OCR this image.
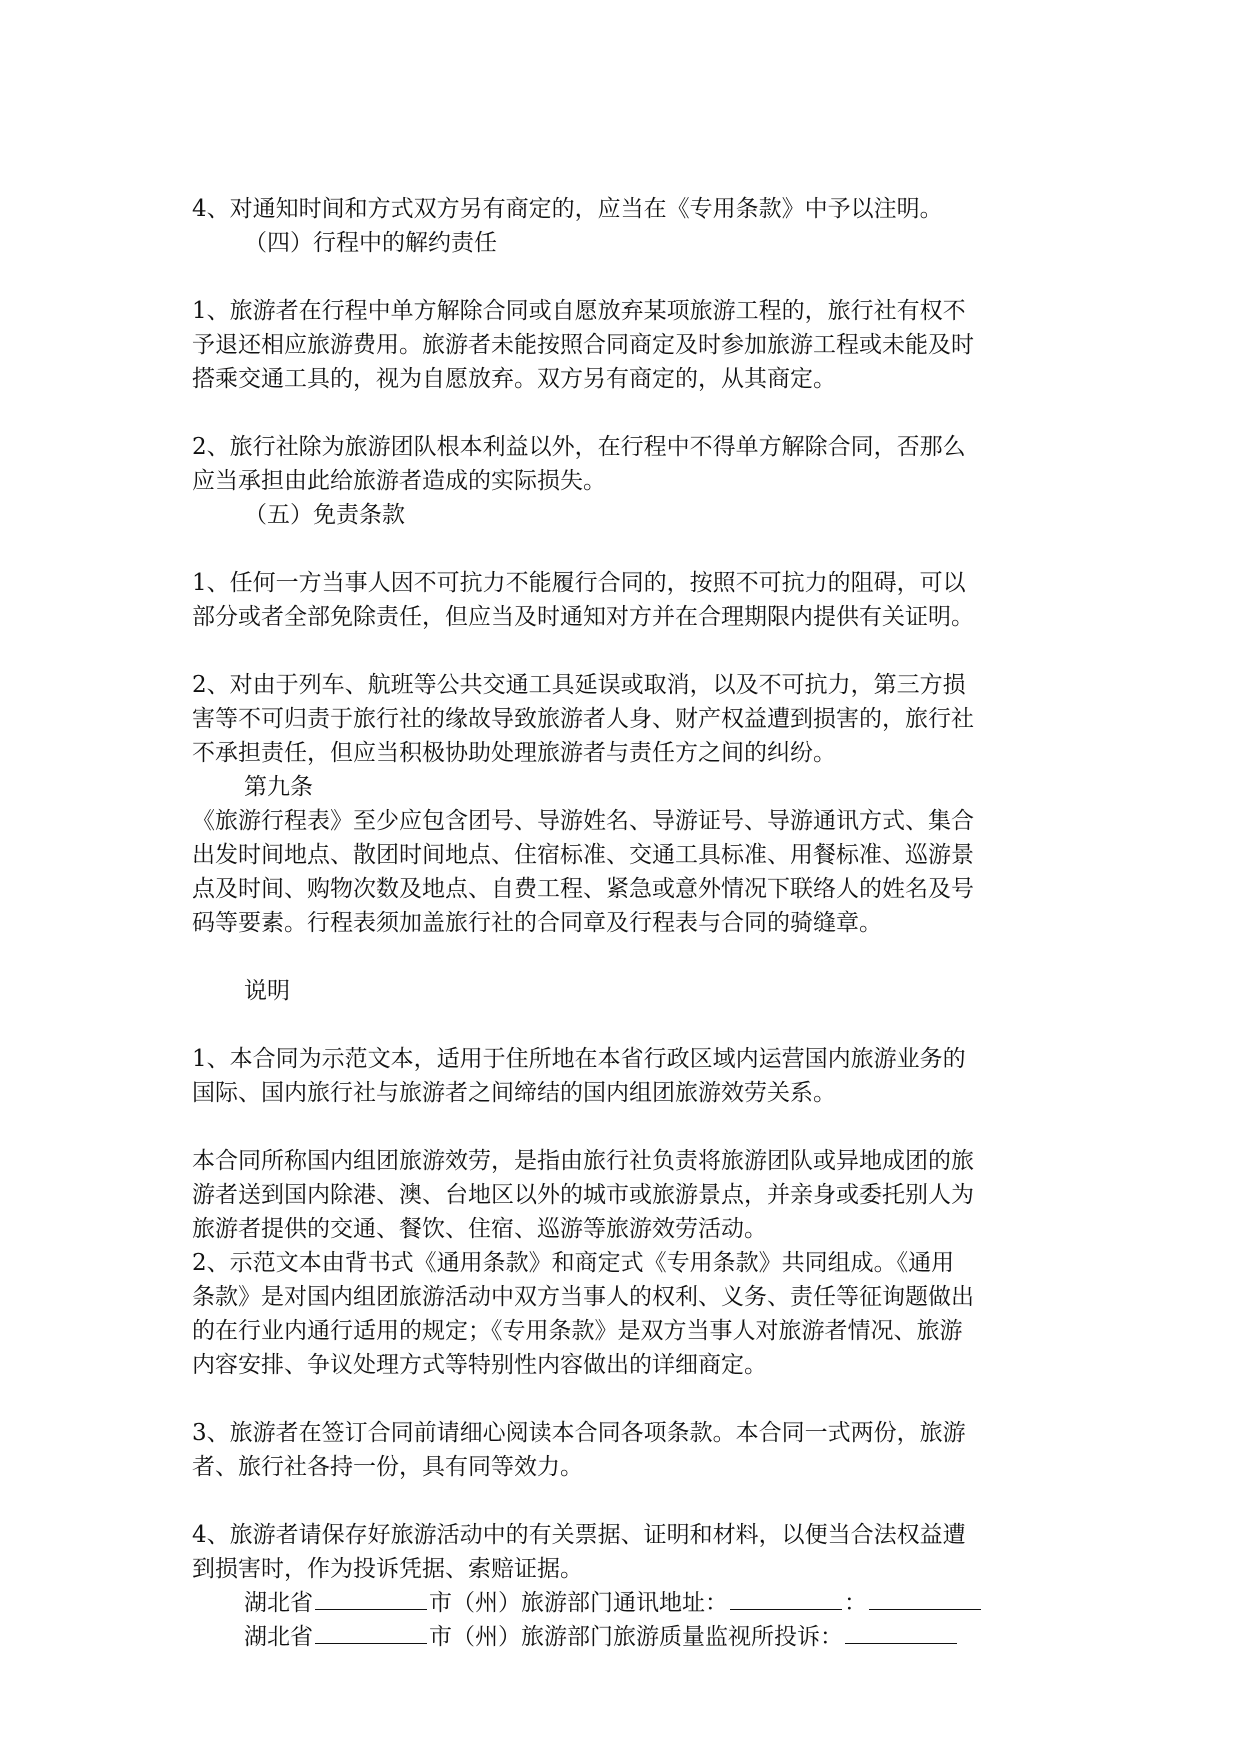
4、对通知时间和方式双方另有商定的，应当在《专用条款》中予以注明。
（四）行程中的解约责任
1、旅游者在行程中单方解除合同或自愿放弃某项旅游工程的，旅行社有权不
予退还相应旅游费用。旅游者未能按照合同商定及时参加旅游工程或未能及时
搭乘交通工具的，视为自愿放弃。双方另有商定的，从其商定。
2、旅行社除为旅游团队根本利益以外，在行程中不得单方解除合同，否那么
应当承担由此给旅游者造成的实际损失。
（五）免责条款
1、任何一方当事人因不可抗力不能履行合同的，按照不可抗力的阻碍，可以
部分或者全部免除责任，但应当及时通知对方并在合理期限内提供有关证明。
2、对由于列车、航班等公共交通工具延误或取消，以及不可抗力，第三方损
害等不可归责于旅行社的缘故导致旅游者人身、财产权益遭到损害的，旅行社
不承担责任，但应当积极协助处理旅游者与责任方之间的纠纷。
第九条
《旅游行程表》至少应包含团号、导游姓名、导游证号、导游通讯方式、集合
出发时间地点、散团时间地点、住宿标准、交通工具标准、用餐标准、巡游景
点及时间、购物次数及地点、自费工程、紧急或意外情况下联络人的姓名及号
码等要素。行程表须加盖旅行社的合同章及行程表与合同的骑缝章。
说明
1、本合同为示范文本，适用于住所地在本省行政区域内运营国内旅游业务的
国际、国内旅行社与旅游者之间缔结的国内组团旅游效劳关系。
本合同所称国内组团旅游效劳，是指由旅行社负责将旅游团队或异地成团的旅
游者送到国内除港、澳、台地区以外的城市或旅游景点，并亲身或委托别人为
旅游者提供的交通、餐饮、住宿、巡游等旅游效劳活动。
2、示范文本由背书式《通用条款》和商定式《专用条款》共同组成。《通用
条款》是对国内组团旅游活动中双方当事人的权利、义务、责任等征询题做出
的在行业内通行适用的规定；《专用条款》是双方当事人对旅游者情况、旅游
内容安排、争议处理方式等特别性内容做出的详细商定。
3、旅游者在签订合同前请细心阅读本合同各项条款。本合同一式两份，旅游
者、旅行社各持一份，具有同等效力。
4、旅游者请保存好旅游活动中的有关票据、证明和材料，以便当合法权益遭
到损害时，作为投诉凭据、索赔证据。
湖北省	市（州）旅游部门通讯地址：	：
湖北省	市（州）旅游部门旅游质量监视所投诉：
